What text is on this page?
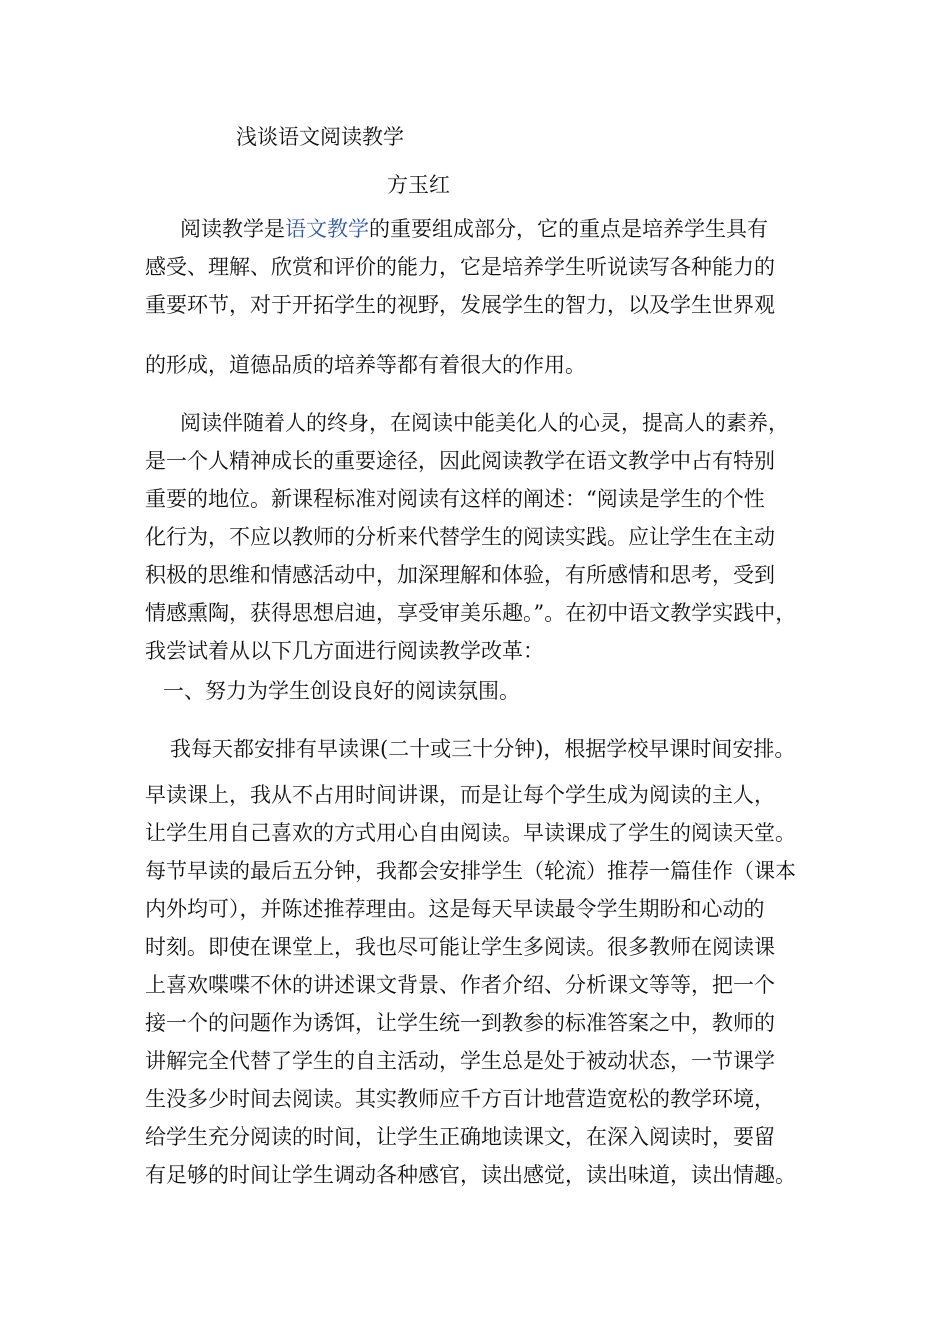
浅谈语文阅读教学
方玉红
阅读教学是语文教学的重要组成部分，它的重点是培养学生具有
感受、理解、欣赏和评价的能力，它是培养学生听说读写各种能力的
重要环节，对于开拓学生的视野，发展学生的智力，以及学生世界观
的形成，道德品质的培养等都有着很大的作用。
阅读伴随着人的终身，在阅读中能美化人的心灵，提高人的素养，
是一个人精神成长的重要途径，因此阅读教学在语文教学中占有特别
重要的地位。新课程标准对阅读有这样的阐述：“阅读是学生的个性
化行为，不应以教师的分析来代替学生的阅读实践。应让学生在主动
积极的思维和情感活动中，加深理解和体验，有所感情和思考，受到
情感熏陶，获得思想启迪，享受审美乐趣。”。在初中语文教学实践中，
我尝试着从以下几方面进行阅读教学改革：
一、努力为学生创设良好的阅读氛围。
我每天都安排有早读课(二十或三十分钟)，根据学校早课时间安排。
早读课上，我从不占用时间讲课，而是让每个学生成为阅读的主人，
让学生用自己喜欢的方式用心自由阅读。早读课成了学生的阅读天堂。
每节早读的最后五分钟，我都会安排学生（轮流）推荐一篇佳作（课本
内外均可），并陈述推荐理由。这是每天早读最令学生期盼和心动的
时刻。即使在课堂上，我也尽可能让学生多阅读。很多教师在阅读课
上喜欢喋喋不休的讲述课文背景、作者介绍、分析课文等等，把一个
接一个的问题作为诱饵，让学生统一到教参的标准答案之中，教师的
讲解完全代替了学生的自主活动，学生总是处于被动状态，一节课学
生没多少时间去阅读。其实教师应千方百计地营造宽松的教学环境，
给学生充分阅读的时间，让学生正确地读课文，在深入阅读时，要留
有足够的时间让学生调动各种感官，读出感觉，读出味道，读出情趣。
